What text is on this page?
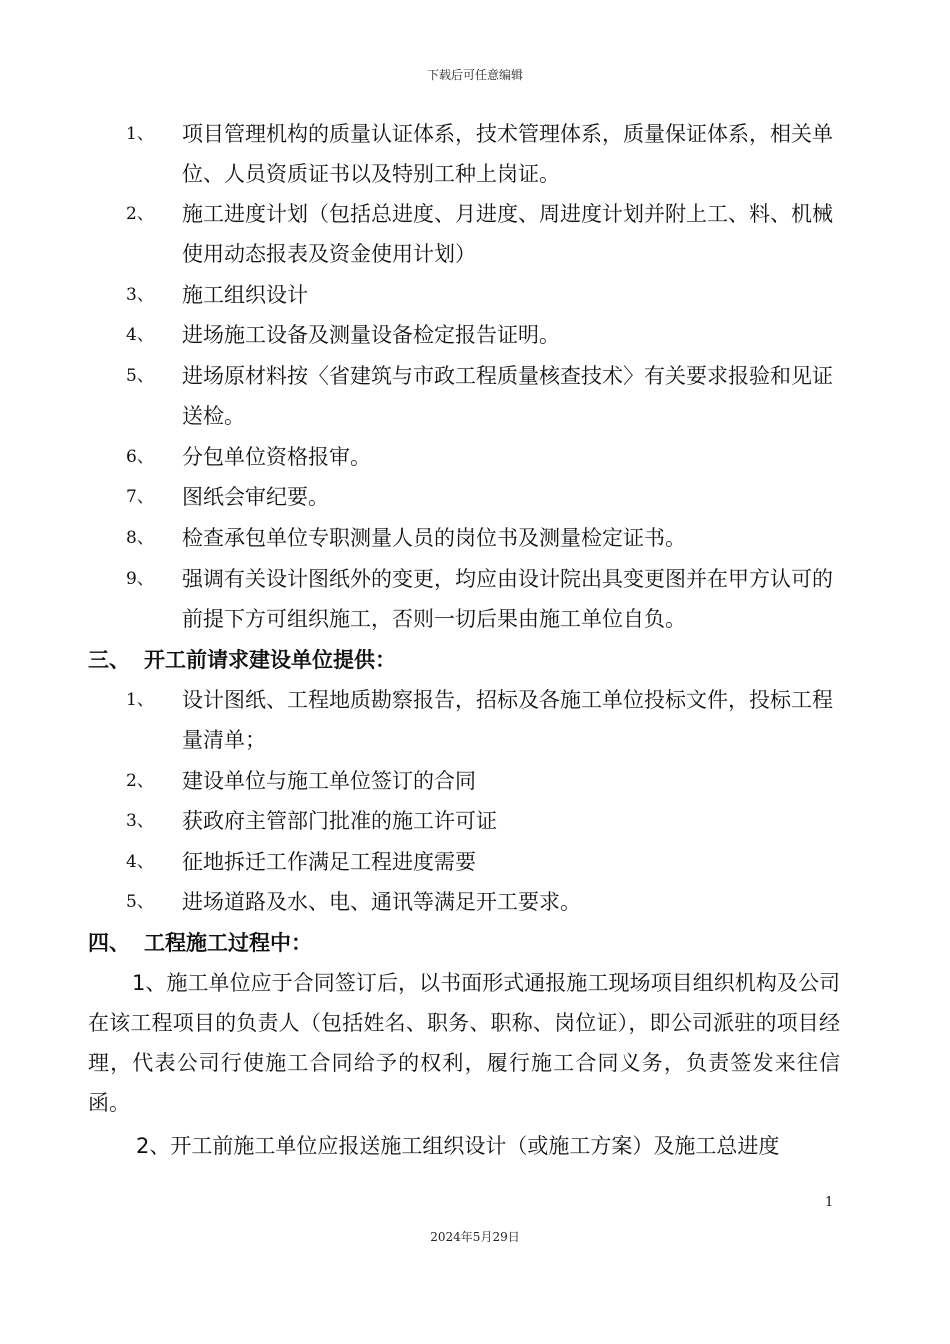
下载后可任意编辑
1、 项目管理机构的质量认证体系，技术管理体系，质量保证体系，相关单位、人员资质证书以及特别工种上岗证。
2、 施工进度计划（包括总进度、月进度、周进度计划并附上工、料、机械使用动态报表及资金使用计划）
3、 施工组织设计
4、 进场施工设备及测量设备检定报告证明。
5、 进场原材料按〈省建筑与市政工程质量核查技术〉有关要求报验和见证送检。
6、 分包单位资格报审。
7、 图纸会审纪要。
8、 检查承包单位专职测量人员的岗位书及测量检定证书。
9、 强调有关设计图纸外的变更，均应由设计院出具变更图并在甲方认可的前提下方可组织施工，否则一切后果由施工单位自负。
三、 开工前请求建设单位提供：
1、 设计图纸、工程地质勘察报告，招标及各施工单位投标文件，投标工程量清单；
2、 建设单位与施工单位签订的合同
3、 获政府主管部门批准的施工许可证
4、 征地拆迁工作满足工程进度需要
5、 进场道路及水、电、通讯等满足开工要求。
四、 工程施工过程中：
1、施工单位应于合同签订后，以书面形式通报施工现场项目组织机构及公司在该工程项目的负责人（包括姓名、职务、职称、岗位证），即公司派驻的项目经理，代表公司行使施工合同给予的权利，履行施工合同义务，负责签发来往信函。
2、开工前施工单位应报送施工组织设计（或施工方案）及施工总进度
1
2024年5月29日
